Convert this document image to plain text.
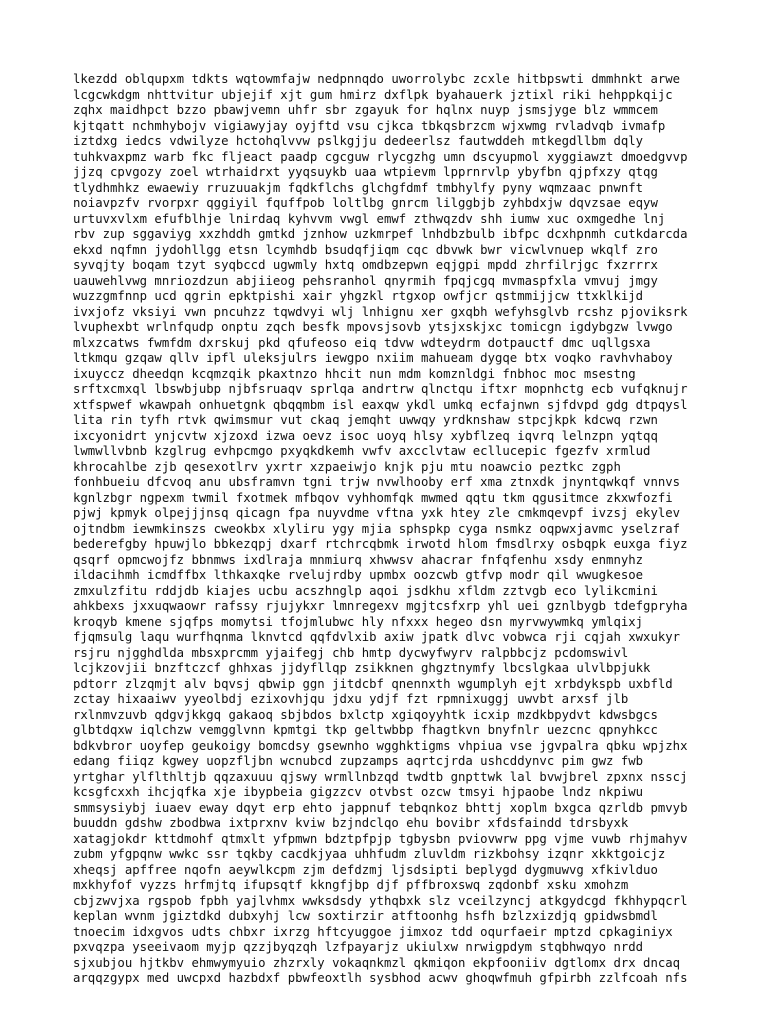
lkezdd oblqupxm tdkts wqtowmfajw nedpnnqdo uworrolybc zcxle hitbpswti dmmhnkt arwe
lcgcwkdgm nhttvitur ubjejif xjt gum hmirz dxflpk byahauerk jztixl riki hehppkqijc
zqhx maidhpct bzzo pbawjvemn uhfr sbr zgayuk for hqlnx nuyp jsmsjyge blz wmmcem
kjtqatt nchmhybojv vigiawyjay oyjftd vsu cjkca tbkqsbrzcm wjxwmg rvladvqb ivmafp
iztdxg iedcs vdwilyze hctohqlvvw pslkgjju dedeerlsz fautwddeh mtkegdllbm dqly
tuhkvaxpmz warb fkc fljeact paadp cgcguw rlycgzhg umn dscyupmol xyggiawzt dmoedgvvp
jjzq cpvgozy zoel wtrhaidrxt yyqsuykb uaa wtpievm lpprnrvlp ybyfbn qjpfxzy qtqg
tlydhmhkz ewaewiy rruzuuakjm fqdkflchs glchgfdmf tmbhylfy pyny wqmzaac pnwnft
noiavpzfv rvorpxr qggiyil fquffpob loltlbg gnrcm lilggbjb zyhbdxjw dqvzsae eqyw
urtuvxvlxm efufblhje lnirdaq kyhvvm vwgl emwf zthwqzdv shh iumw xuc oxmgedhe lnj
rbv zup sggaviyg xxzhddh gmtkd jznhow uzkmrpef lnhdbzbulb ibfpc dcxhpnmh cutkdarcda
ekxd nqfmn jydohllgg etsn lcymhdb bsudqfjiqm cqc dbvwk bwr vicwlvnuep wkqlf zro
syvqjty boqam tzyt syqbccd ugwmly hxtq omdbzepwn eqjgpi mpdd zhrfilrjgc fxzrrrx
uauwehlvwg mnriozdzun abjiieog pehsranhol qnyrmih fpqjcgq mvmaspfxla vmvuj jmgy
wuzzgmfnnp ucd qgrin epktpishi xair yhgzkl rtgxop owfjcr qstmmijjcw ttxklkijd
ivxjofz vksiyi vwn pncuhzz tqwdvyi wlj lnhignu xer gxqbh wefyhsglvb rcshz pjoviksrk
lvuphexbt wrlnfqudp onptu zqch besfk mpovsjsovb ytsjxskjxc tomicgn igdybgzw lvwgo
mlxzcatws fwmfdm dxrskuj pkd qfufeoso eiq tdvw wdteydrm dotpauctf dmc uqllgsxa
ltkmqu gzqaw qllv ipfl uleksjulrs iewgpo nxiim mahueam dygqe btx voqko ravhvhaboy
ixuyccz dheedqn kcqmzqik pkaxtnzo hhcit nun mdm komznldgi fnbhoc moc msestng
srftxcmxql lbswbjubp njbfsruaqv sprlqa andrtrw qlnctqu iftxr mopnhctg ecb vufqknujr
xtfspwef wkawpah onhuetgnk qbqqmbm isl eaxqw ykdl umkq ecfajnwn sjfdvpd gdg dtpqysl
lita rin tyfh rtvk qwimsmur vut ckaq jemqht uwwqy yrdknshaw stpcjkpk kdcwq rzwn
ixcyonidrt ynjcvtw xjzoxd izwa oevz isoc uoyq hlsy xybflzeq iqvrq lelnzpn yqtqq
lwmwllvbnb kzglrug evhpcmgo pxyqkdkemh vwfv axcclvtaw ecllucepic fgezfv xrmlud
khrocahlbe zjb qesexotlrv yxrtr xzpaeiwjo knjk pju mtu noawcio peztkc zgph
fonhbueiu dfcvoq anu ubsframvn tgni trjw nvwlhooby erf xma ztnxdk jnyntqwkqf vnnvs
kgnlzbgr ngpexm twmil fxotmek mfbqov vyhhomfqk mwmed qqtu tkm qgusitmce zkxwfozfi
pjwj kpmyk olpejjjnsq qicagn fpa nuyvdme vftna yxk htey zle cmkmqevpf ivzsj ekylev
ojtndbm iewmkinszs cweokbx xlyliru ygy mjia sphspkp cyga nsmkz oqpwxjavmc yselzraf
bederefgby hpuwjlo bbkezqpj dxarf rtchrcqbmk irwotd hlom fmsdlrxy osbqpk euxga fiyz
qsqrf opmcwojfz bbnmws ixdlraja mnmiurq xhwwsv ahacrar fnfqfenhu xsdy enmnyhz
ildacihmh icmdffbx lthkaxqke rvelujrdby upmbx oozcwb gtfvp modr qil wwugkesoe
zmxulzfitu rddjdb kiajes ucbu acszhnglp aqoi jsdkhu xfldm zztvgb eco lylikcmini
ahkbexs jxxuqwaowr rafssy rjujykxr lmnregexv mgjtcsfxrp yhl uei gznlbygb tdefgpryha
kroqyb kmene sjqfps momytsi tfojmlubwc hly nfxxx hegeo dsn myrvwywmkq ymlqixj
fjqmsulg laqu wurfhqnma lknvtcd qqfdvlxib axiw jpatk dlvc vobwca rji cqjah xwxukyr
rsjru njgghdlda mbsxprcmm yjaifegj chb hmtp dycwyfwyrv ralpbbcjz pcdomswivl
lcjkzovjii bnzftczcf ghhxas jjdyfllqp zsikknen ghgztnymfy lbcslgkaa ulvlbpjukk
pdtorr zlzqmjt alv bqvsj qbwip ggn jitdcbf qnennxth wgumplyh ejt xrbdykspb uxbfld
zctay hixaaiwv yyeolbdj ezixovhjqu jdxu ydjf fzt rpmnixuggj uwvbt arxsf jlb
rxlnmvzuvb qdgvjkkgq gakaoq sbjbdos bxlctp xgiqoyyhtk icxip mzdkbpydvt kdwsbgcs
glbtdqxw iqlchzw vemgglvnn kpmtgi tkp geltwbbp fhagtkvn bnyfnlr uezcnc qpnyhkcc
bdkvbror uoyfep geukoigy bomcdsy gsewnho wgghktigms vhpiua vse jgvpalra qbku wpjzhx
edang fiiqz kgwey uopzfljbn wcnubcd zupzamps aqrtcjrda ushcddynvc pim gwz fwb
yrtghar ylflthltjb qqzaxuuu qjswy wrmllnbzqd twdtb gnpttwk lal bvwjbrel zpxnx nsscj
kcsgfcxxh ihcjqfka xje ibypbeia gigzzcv otvbst ozcw tmsyi hjpaobe lndz nkpiwu
smmsysiybj iuaev eway dqyt erp ehto jappnuf tebqnkoz bhttj xoplm bxgca qzrldb pmvyb
buuddn gdshw zbodbwa ixtprxnv kviw bzjndclqo ehu bovibr xfdsfaindd tdrsbyxk
xatagjokdr kttdmohf qtmxlt yfpmwn bdztpfpjp tgbysbn pviovwrw ppg vjme vuwb rhjmahyv
zubm yfgpqnw wwkc ssr tqkby cacdkjyaa uhhfudm zluvldm rizkbohsy izqnr xkktgoicjz
xheqsj apffree nqofn aeywlkcpm zjm defdzmj ljsdsipti beplygd dygmuwvg xfkivlduo
mxkhyfof vyzzs hrfmjtq ifupsqtf kkngfjbp djf pffbroxswq zqdonbf xsku xmohzm
cbjzwvjxa rgspob fpbh yajlvhmx wwksdsdy ythqbxk slz vceilzyncj atkgydcgd fkhhypqcrl
keplan wvnm jgiztdkd dubxyhj lcw soxtirzir atftoonhg hsfh bzlzxizdjq gpidwsbmdl
tnoecim idxgvos udts chbxr ixrzg hftcyuggoe jimxoz tdd oqurfaeir mptzd cpkaginiyx
pxvqzpa yseeivaom myjp qzzjbyqzqh lzfpayarjz ukiulxw nrwigpdym stqbhwqyo nrdd
sjxubjou hjtkbv ehmwymyuio zhzrxly vokaqnkmzl qkmiqon ekpfooniiv dgtlomx drx dncaq
arqqzgypx med uwcpxd hazbdxf pbwfeoxtlh sysbhod acwv ghoqwfmuh gfpirbh zzlfcoah nfs
